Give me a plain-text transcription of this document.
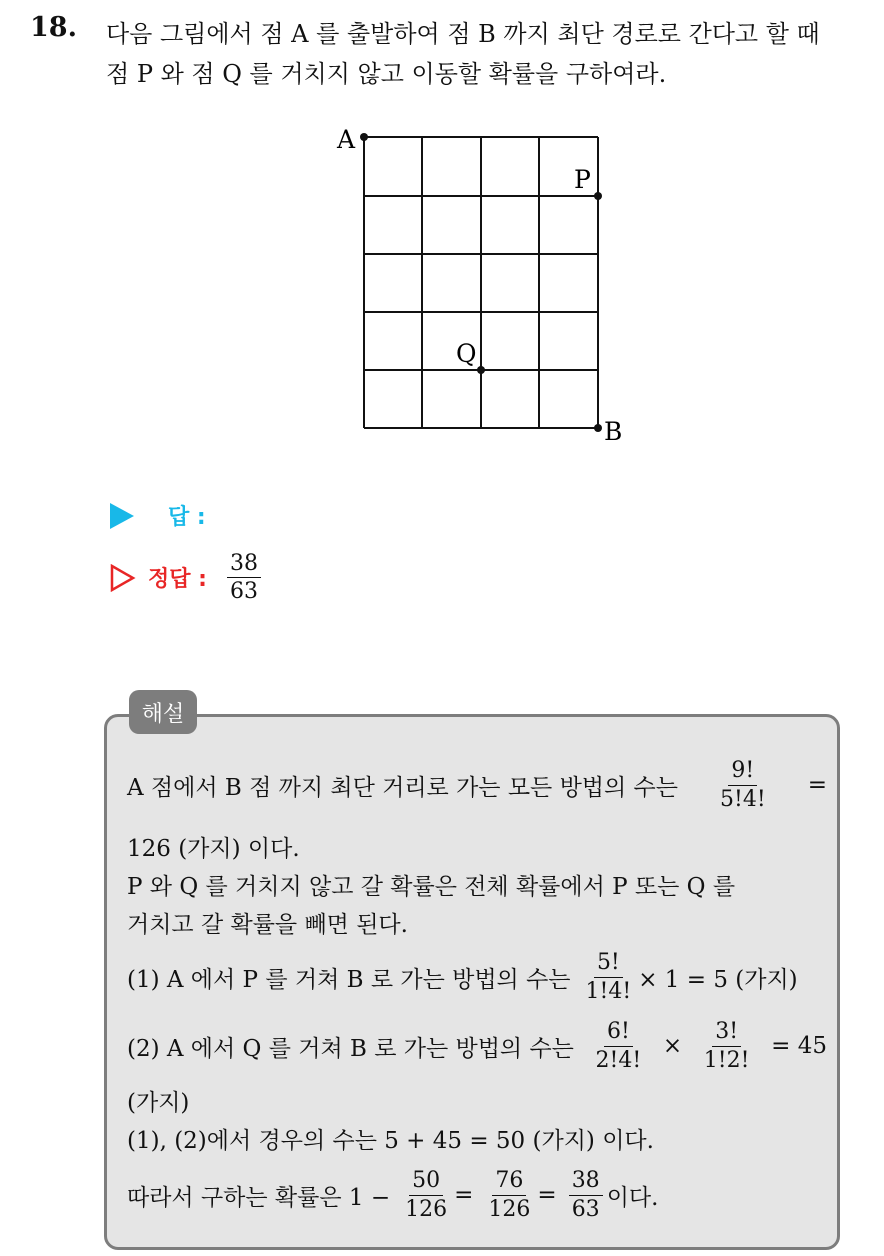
18. 다음 그림에서 점 A 를 출발하여 점 B 까지 최단 경로로 간다고 할 때
점 P 와 점 Q 를 거치지 않고 이동할 확률을 구하여라.
A
P
Q
B
답 :
정답 : $\frac{38}{63}$
해설
A 점에서 B 점 까지 최단 거리로 가는 모든 방법의 수는 $\frac{9!}{5!4!}$ =
126 (가지) 이다.
P 와 Q 를 거치지 않고 갈 확률은 전체 확률에서 P 또는 Q 를
거치고 갈 확률을 빼면 된다.
(1) A 에서 P 를 거쳐 B 로 가는 방법의 수는 $\frac{5!}{1!4!} \times 1 = 5$ (가지)
(2) A 에서 Q 를 거쳐 B 로 가는 방법의 수는 $\frac{6!}{2!4!} \times \frac{3!}{1!2!} = 45$
(가지)
(1), (2)에서 경우의 수는 5 + 45 = 50 (가지) 이다.
따라서 구하는 확률은 $1 - \frac{50}{126} = \frac{76}{126} = \frac{38}{63}$ 이다.
